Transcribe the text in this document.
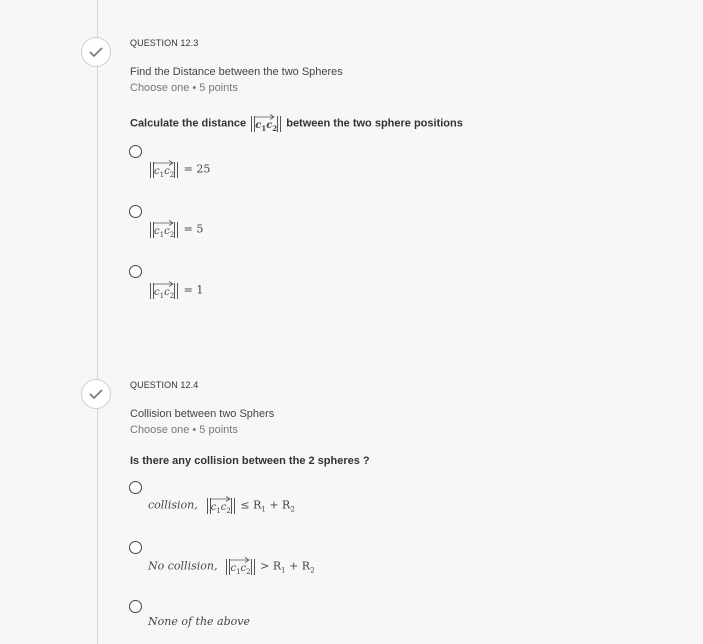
QUESTION 12.3
Find the Distance between the two Spheres
Choose one • 5 points
Calculate the distance $c_1c_2$ between the two sphere positions
$c_1c_2 = 25$
$c_1c_2 = 5$
$c_1c_2 = 1$
QUESTION 12.4
Collision between two Sphers
Choose one • 5 points
Is there any collision between the 2 spheres ?
collision, $c_1c_2 \le R_1 + R_2$
No collision, $c_1c_2 > R_1 + R_2$
None of the above
